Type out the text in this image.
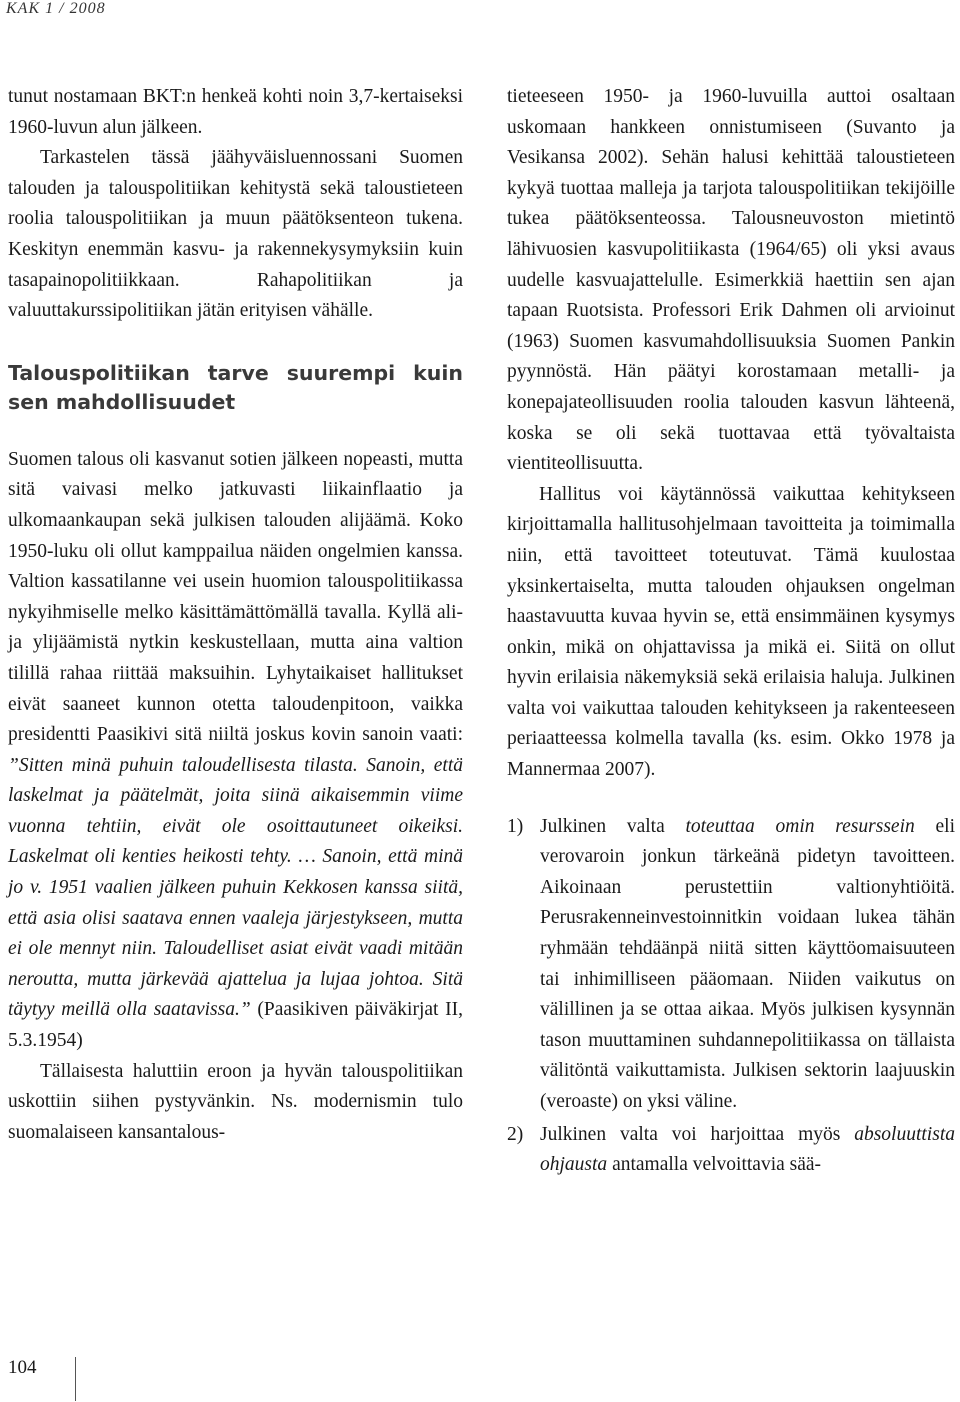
KAK 1 / 2008

tunut nostamaan BKT:n henkeä kohti noin 3,7-kertaiseksi 1960-luvun alun jälkeen.

Tarkastelen tässä jäähyväisluennossani Suomen talouden ja talouspolitiikan kehitystä sekä taloustieteen roolia talouspolitiikan ja muun päätöksenteon tukena. Keskityn enemmän kasvu- ja rakennekysymyksiin kuin tasapainopolitiikkaan. Rahapolitiikan ja valuuttakurssipolitiikan jätän erityisen vähälle.

Talouspolitiikan tarve suurempi kuin sen mahdollisuudet

Suomen talous oli kasvanut sotien jälkeen nopeasti, mutta sitä vaivasi melko jatkuvasti liikainflaatio ja ulkomaankaupan sekä julkisen talouden alijäämä. Koko 1950-luku oli ollut kamppailua näiden ongelmien kanssa. Valtion kassatilanne vei usein huomion talouspolitiikassa nykyihmiselle melko käsittämättömällä tavalla. Kyllä ali- ja ylijäämistä nytkin keskustellaan, mutta aina valtion tilillä rahaa riittää maksuihin. Lyhytaikaiset hallitukset eivät saaneet kunnon otetta taloudenpitoon, vaikka presidentti Paasikivi sitä niiltä joskus kovin sanoin vaati: ”Sitten minä puhuin taloudellisesta tilasta. Sanoin, että laskelmat ja päätelmät, joita siinä aikaisemmin viime vuonna tehtiin, eivät ole osoittautuneet oikeiksi. Laskelmat oli kenties heikosti tehty. … Sanoin, että minä jo v. 1951 vaalien jälkeen puhuin Kekkosen kanssa siitä, että asia olisi saatava ennen vaaleja järjestykseen, mutta ei ole mennyt niin. Taloudelliset asiat eivät vaadi mitään neroutta, mutta järkevää ajattelua ja lujaa johtoa. Sitä täytyy meillä olla saatavissa.” (Paasikiven päiväkirjat II, 5.3.1954)

Tällaisesta haluttiin eroon ja hyvän talouspolitiikan uskottiin siihen pystyvänkin. Ns. modernismin tulo suomalaiseen kansantalous-

tieteeseen 1950- ja 1960-luvuilla auttoi osaltaan uskomaan hankkeen onnistumiseen (Suvanto ja Vesikansa 2002). Sehän halusi kehittää taloustieteen kykyä tuottaa malleja ja tarjota talouspolitiikan tekijöille tukea päätöksenteossa. Talousneuvoston mietintö lähivuosien kasvupolitiikasta (1964/65) oli yksi avaus uudelle kasvuajattelulle. Esimerkkiä haettiin sen ajan tapaan Ruotsista. Professori Erik Dahmen oli arvioinut (1963) Suomen kasvumahdollisuuksia Suomen Pankin pyynnöstä. Hän päätyi korostamaan metalli- ja konepajateollisuuden roolia talouden kasvun lähteenä, koska se oli sekä tuottavaa että työvaltaista vientiteollisuutta.

Hallitus voi käytännössä vaikuttaa kehitykseen kirjoittamalla hallitusohjelmaan tavoitteita ja toimimalla niin, että tavoitteet toteutuvat. Tämä kuulostaa yksinkertaiselta, mutta talouden ohjauksen ongelman haastavuutta kuvaa hyvin se, että ensimmäinen kysymys onkin, mikä on ohjattavissa ja mikä ei. Siitä on ollut hyvin erilaisia näkemyksiä sekä erilaisia haluja. Julkinen valta voi vaikuttaa talouden kehitykseen ja rakenteeseen periaatteessa kolmella tavalla (ks. esim. Okko 1978 ja Mannermaa 2007).

1) Julkinen valta toteuttaa omin resurssein eli verovaroin jonkun tärkeänä pidetyn tavoitteen. Aikoinaan perustettiin valtionyhtiöitä. Perusrakenneinvestoinnitkin voidaan lukea tähän ryhmään tehdäänpä niitä sitten käyttöomaisuuteen tai inhimilliseen pääomaan. Niiden vaikutus on välillinen ja se ottaa aikaa. Myös julkisen kysynnän tason muuttaminen suhdannepolitiikassa on tällaista välitöntä vaikuttamista. Julkisen sektorin laajuuskin (veroaste) on yksi väline.
2) Julkinen valta voi harjoittaa myös absoluuttista ohjausta antamalla velvoittavia sää-
104
